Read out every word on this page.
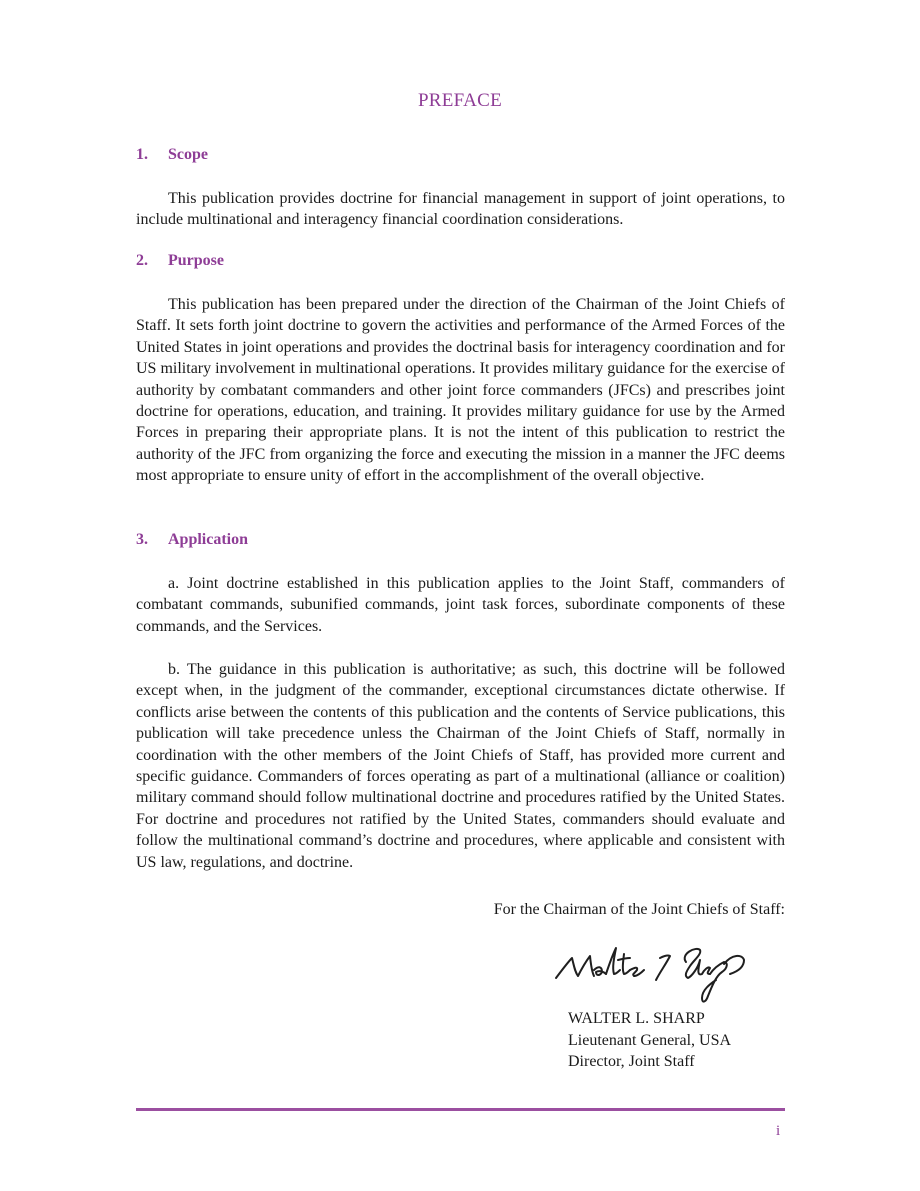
PREFACE
1. Scope
This publication provides doctrine for financial management in support of joint operations, to include multinational and interagency financial coordination considerations.
2. Purpose
This publication has been prepared under the direction of the Chairman of the Joint Chiefs of Staff. It sets forth joint doctrine to govern the activities and performance of the Armed Forces of the United States in joint operations and provides the doctrinal basis for interagency coordination and for US military involvement in multinational operations. It provides military guidance for the exercise of authority by combatant commanders and other joint force commanders (JFCs) and prescribes joint doctrine for operations, education, and training. It provides military guidance for use by the Armed Forces in preparing their appropriate plans. It is not the intent of this publication to restrict the authority of the JFC from organizing the force and executing the mission in a manner the JFC deems most appropriate to ensure unity of effort in the accomplishment of the overall objective.
3. Application
a. Joint doctrine established in this publication applies to the Joint Staff, commanders of combatant commands, subunified commands, joint task forces, subordinate components of these commands, and the Services.
b. The guidance in this publication is authoritative; as such, this doctrine will be followed except when, in the judgment of the commander, exceptional circumstances dictate otherwise. If conflicts arise between the contents of this publication and the contents of Service publications, this publication will take precedence unless the Chairman of the Joint Chiefs of Staff, normally in coordination with the other members of the Joint Chiefs of Staff, has provided more current and specific guidance. Commanders of forces operating as part of a multinational (alliance or coalition) military command should follow multinational doctrine and procedures ratified by the United States. For doctrine and procedures not ratified by the United States, commanders should evaluate and follow the multinational command’s doctrine and procedures, where applicable and consistent with US law, regulations, and doctrine.
For the Chairman of the Joint Chiefs of Staff:
WALTER L. SHARP
Lieutenant General, USA
Director, Joint Staff
i
